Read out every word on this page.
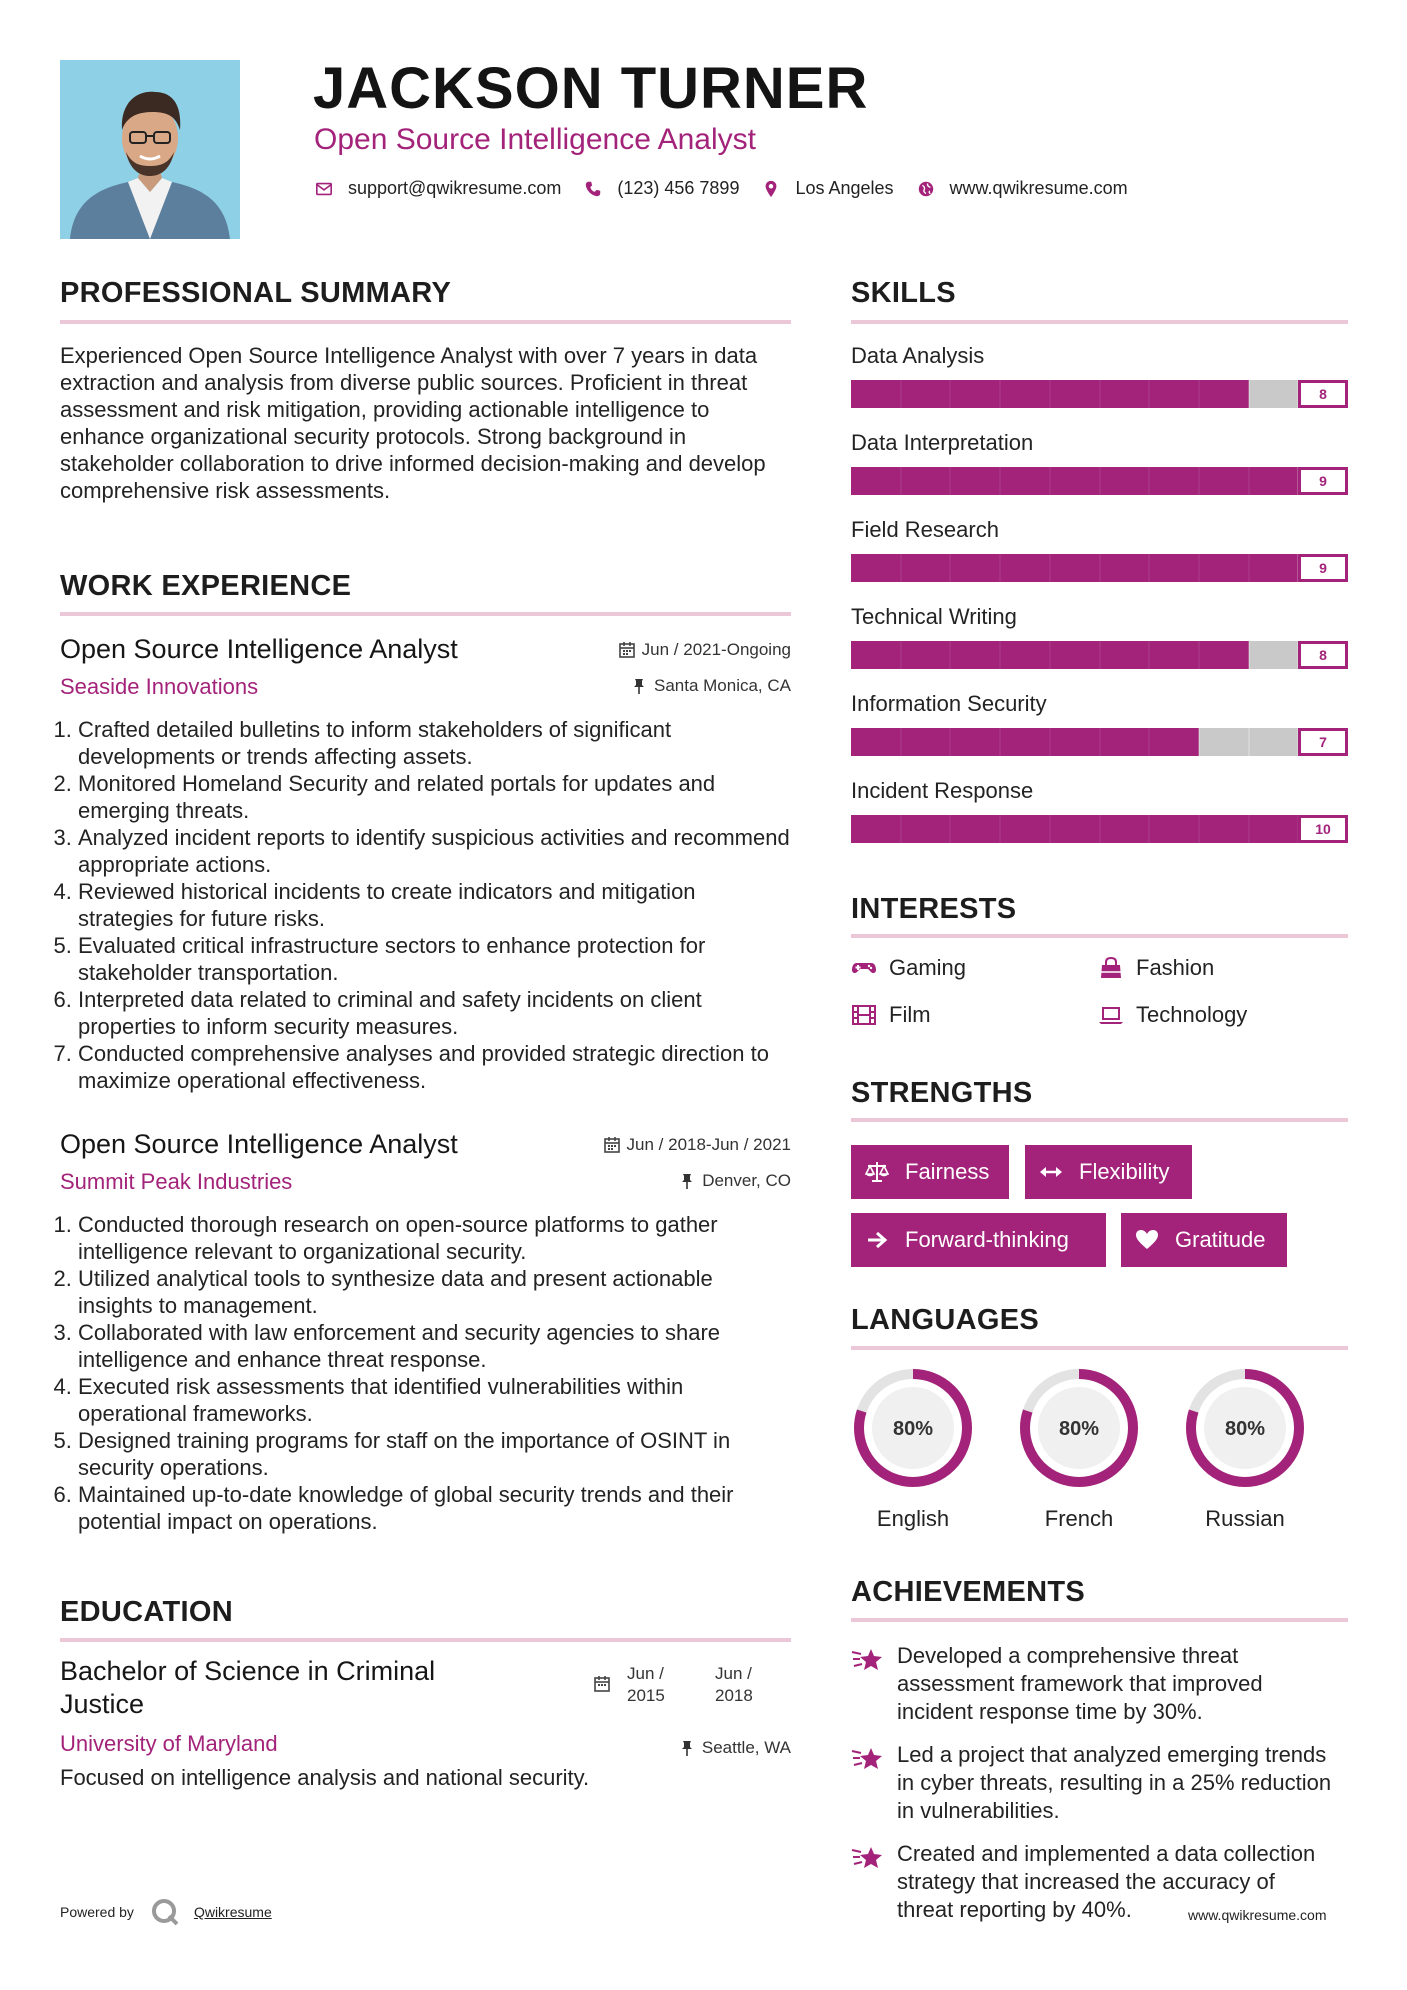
JACKSON TURNER
Open Source Intelligence Analyst
support@qwikresume.com	(123) 456 7899	Los Angeles	www.qwikresume.com
PROFESSIONAL SUMMARY
Experienced Open Source Intelligence Analyst with over 7 years in data extraction and analysis from diverse public sources. Proficient in threat assessment and risk mitigation, providing actionable intelligence to enhance organizational security protocols. Strong background in stakeholder collaboration to drive informed decision-making and develop comprehensive risk assessments.
WORK EXPERIENCE
Open Source Intelligence Analyst	Jun / 2021-Ongoing
Seaside Innovations	Santa Monica, CA
1. Crafted detailed bulletins to inform stakeholders of significant developments or trends affecting assets.
2. Monitored Homeland Security and related portals for updates and emerging threats.
3. Analyzed incident reports to identify suspicious activities and recommend appropriate actions.
4. Reviewed historical incidents to create indicators and mitigation strategies for future risks.
5. Evaluated critical infrastructure sectors to enhance protection for stakeholder transportation.
6. Interpreted data related to criminal and safety incidents on client properties to inform security measures.
7. Conducted comprehensive analyses and provided strategic direction to maximize operational effectiveness.
Open Source Intelligence Analyst	Jun / 2018-Jun / 2021
Summit Peak Industries	Denver, CO
1. Conducted thorough research on open-source platforms to gather intelligence relevant to organizational security.
2. Utilized analytical tools to synthesize data and present actionable insights to management.
3. Collaborated with law enforcement and security agencies to share intelligence and enhance threat response.
4. Executed risk assessments that identified vulnerabilities within operational frameworks.
5. Designed training programs for staff on the importance of OSINT in security operations.
6. Maintained up-to-date knowledge of global security trends and their potential impact on operations.
EDUCATION
Bachelor of Science in Criminal Justice
Jun /
2015
Jun /
2018
Seattle, WA
University of Maryland
Focused on intelligence analysis and national security.
SKILLS
Data Analysis
8
Data Interpretation
9
Field Research
9
Technical Writing
8
Information Security
7
Incident Response
10
INTERESTS
Gaming	Fashion
Film	Technology
STRENGTHS
Fairness	Flexibility
Forward-thinking	Gratitude
LANGUAGES
80%
English
80%
French
80%
Russian
ACHIEVEMENTS
Developed a comprehensive threat assessment framework that improved incident response time by 30%.
Led a project that analyzed emerging trends in cyber threats, resulting in a 25% reduction in vulnerabilities.
Created and implemented a data collection strategy that increased the accuracy of threat reporting by 40%.
Powered by	Qwikresume	www.qwikresume.com
